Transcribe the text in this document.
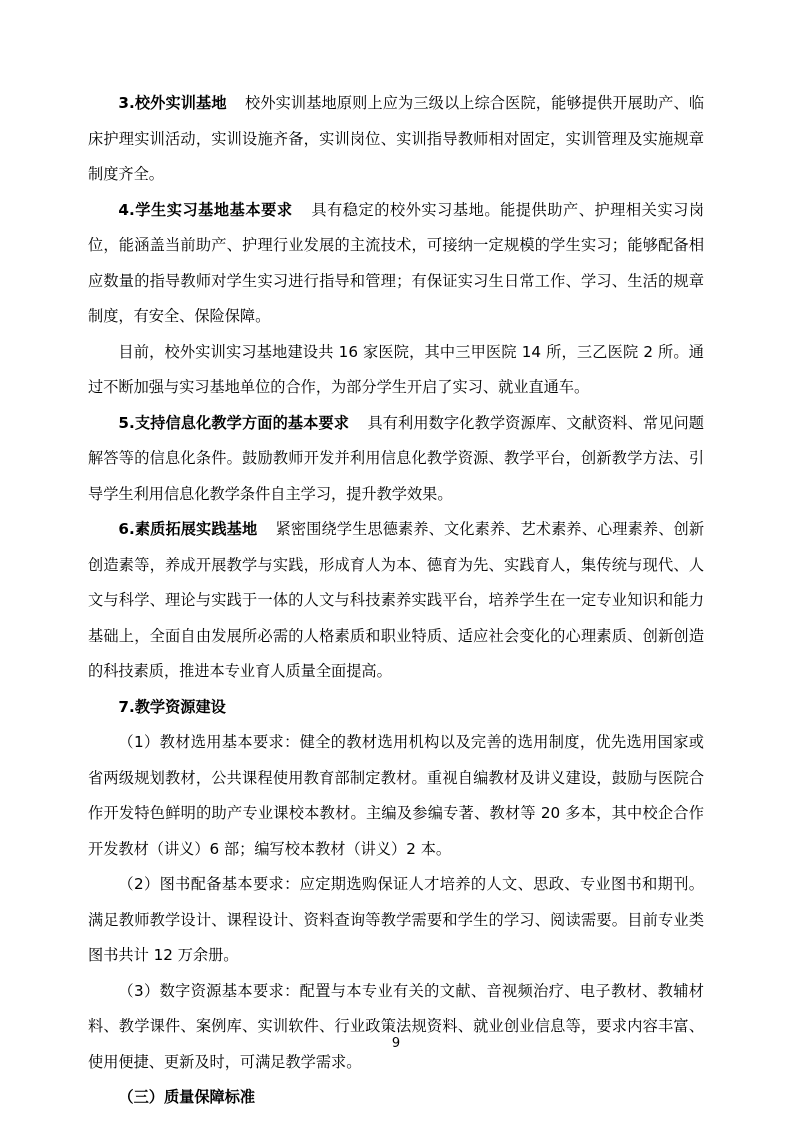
3.校外实训基地 校外实训基地原则上应为三级以上综合医院，能够提供开展助产、临床护理实训活动，实训设施齐备，实训岗位、实训指导教师相对固定，实训管理及实施规章制度齐全。

4.学生实习基地基本要求 具有稳定的校外实习基地。能提供助产、护理相关实习岗位，能涵盖当前助产、护理行业发展的主流技术，可接纳一定规模的学生实习；能够配备相应数量的指导教师对学生实习进行指导和管理；有保证实习生日常工作、学习、生活的规章制度，有安全、保险保障。

目前，校外实训实习基地建设共 16 家医院，其中三甲医院 14 所，三乙医院 2 所。通过不断加强与实习基地单位的合作，为部分学生开启了实习、就业直通车。

5.支持信息化教学方面的基本要求 具有利用数字化教学资源库、文献资料、常见问题解答等的信息化条件。鼓励教师开发并利用信息化教学资源、教学平台，创新教学方法、引导学生利用信息化教学条件自主学习，提升教学效果。

6.素质拓展实践基地 紧密围绕学生思德素养、文化素养、艺术素养、心理素养、创新创造素等，养成开展教学与实践，形成育人为本、德育为先、实践育人，集传统与现代、人文与科学、理论与实践于一体的人文与科技素养实践平台，培养学生在一定专业知识和能力基础上，全面自由发展所必需的人格素质和职业特质、适应社会变化的心理素质、创新创造的科技素质，推进本专业育人质量全面提高。

7.教学资源建设

（1）教材选用基本要求：健全的教材选用机构以及完善的选用制度，优先选用国家或省两级规划教材，公共课程使用教育部制定教材。重视自编教材及讲义建设，鼓励与医院合作开发特色鲜明的助产专业课校本教材。主编及参编专著、教材等 20 多本，其中校企合作开发教材（讲义）6 部；编写校本教材（讲义）2 本。

（2）图书配备基本要求：应定期选购保证人才培养的人文、思政、专业图书和期刊。满足教师教学设计、课程设计、资料查询等教学需要和学生的学习、阅读需要。目前专业类图书共计 12 万余册。

（3）数字资源基本要求：配置与本专业有关的文献、音视频治疗、电子教材、教辅材料、教学课件、案例库、实训软件、行业政策法规资料、就业创业信息等，要求内容丰富、使用便捷、更新及时，可满足教学需求。

（三）质量保障标准

9
